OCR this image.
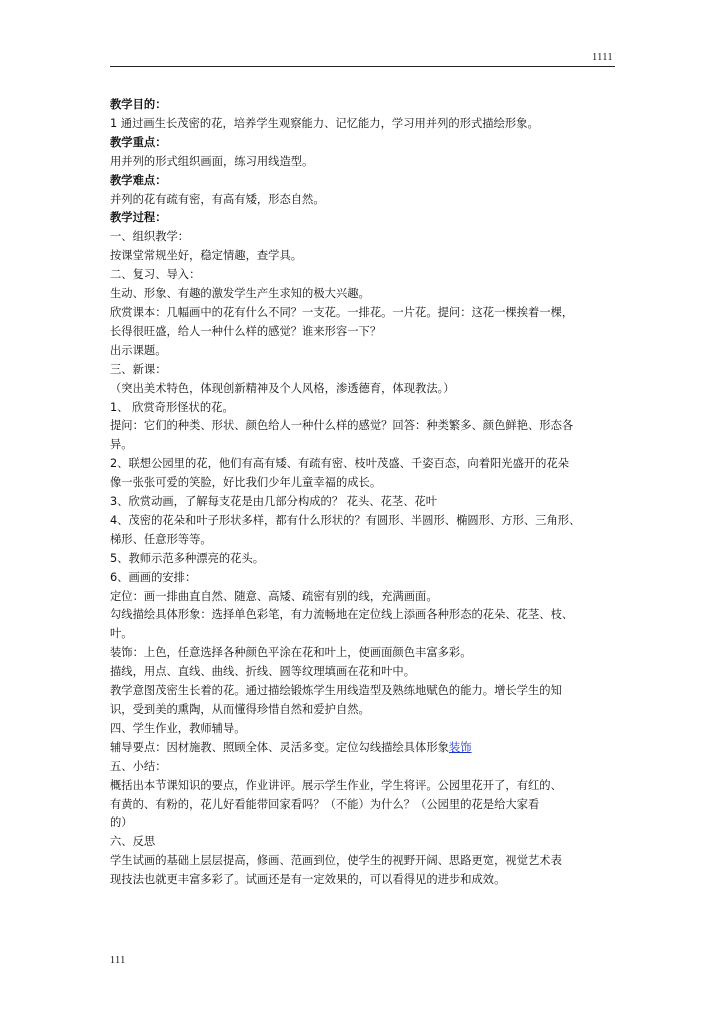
1111
教学目的：
1 通过画生长茂密的花，培养学生观察能力、记忆能力，学习用并列的形式描绘形象。
教学重点：
用并列的形式组织画面，练习用线造型。
教学难点：
并列的花有疏有密，有高有矮，形态自然。
教学过程：
一、组织教学：
按课堂常规坐好，稳定情趣，查学具。
二、复习、导入：
生动、形象、有趣的激发学生产生求知的极大兴趣。
欣赏课本：几幅画中的花有什么不同？一支花。一排花。一片花。提问：这花一棵挨着一棵，
长得很旺盛，给人一种什么样的感觉？谁来形容一下？
出示课题。
三、新课：
（突出美术特色，体现创新精神及个人风格，渗透德育，体现教法。）
1、 欣赏奇形怪状的花。
提问：它们的种类、形状、颜色给人一种什么样的感觉？回答：种类繁多、颜色鲜艳、形态各
异。
2、联想公园里的花，他们有高有矮、有疏有密、枝叶茂盛、千姿百态，向着阳光盛开的花朵
像一张张可爱的笑脸，好比我们少年儿童幸福的成长。
3、欣赏动画，了解每支花是由几部分构成的？ 花头、花茎、花叶
4、茂密的花朵和叶子形状多样，都有什么形状的？有圆形、半圆形、椭圆形、方形、三角形、
梯形、任意形等等。
5、教师示范多种漂亮的花头。
6、画画的安排：
定位：画一排曲直自然、随意、高矮、疏密有别的线，充满画面。
勾线描绘具体形象：选择单色彩笔，有力流畅地在定位线上添画各种形态的花朵、花茎、枝、
叶。
装饰：上色，任意选择各种颜色平涂在花和叶上，使画面颜色丰富多彩。
描线，用点、直线、曲线、折线、圆等纹理填画在花和叶中。
教学意图茂密生长着的花。通过描绘锻炼学生用线造型及熟练地赋色的能力。增长学生的知
识，受到美的熏陶，从而懂得珍惜自然和爱护自然。
四、学生作业，教师辅导。
辅导要点：因材施教、照顾全体、灵活多变。定位勾线描绘具体形象装饰
五、小结：
概括出本节课知识的要点，作业讲评。展示学生作业，学生将评。公园里花开了，有红的、
有黄的、有粉的，花儿好看能带回家看吗？（不能）为什么？（公园里的花是给大家看
的）
六、反思
学生试画的基础上层层提高，修画、范画到位，使学生的视野开阔、思路更宽，视觉艺术表
现技法也就更丰富多彩了。试画还是有一定效果的，可以看得见的进步和成效。
111
